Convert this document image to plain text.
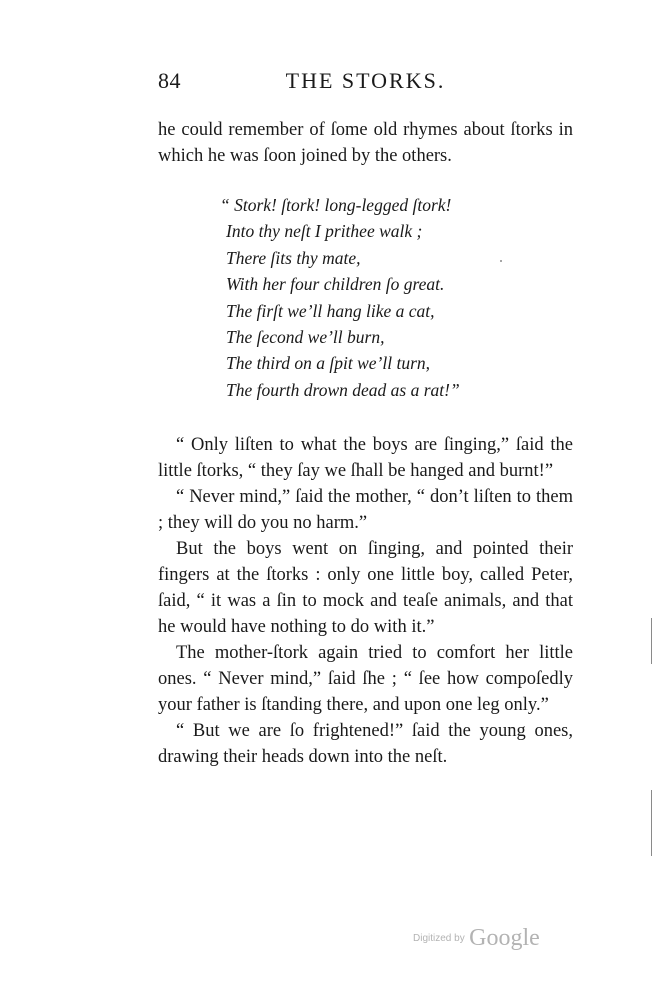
84	THE STORKS.

he could remember of ſome old rhymes about ſtorks in which he was ſoon joined by the others.

“ Stork! ſtork! long-legged ſtork!
Into thy neſt I prithee walk ;
There ſits thy mate,
With her four children ſo great.
The firſt we’ll hang like a cat,
The ſecond we’ll burn,
The third on a ſpit we’ll turn,
The fourth drown dead as a rat!”

“ Only liſten to what the boys are ſinging,” ſaid the little ſtorks, “ they ſay we ſhall be hanged and burnt!”

“ Never mind,” ſaid the mother, “ don’t liſten to them ; they will do you no harm.”

But the boys went on ſinging, and pointed their fingers at the ſtorks : only one little boy, called Peter, ſaid, “ it was a ſin to mock and teaſe animals, and that he would have nothing to do with it.”

The mother-ſtork again tried to comfort her little ones. “ Never mind,” ſaid ſhe ; “ ſee how compoſedly your father is ſtanding there, and upon one leg only.”

“ But we are ſo frightened!” ſaid the young ones, drawing their heads down into the neſt.

Digitized by Google
